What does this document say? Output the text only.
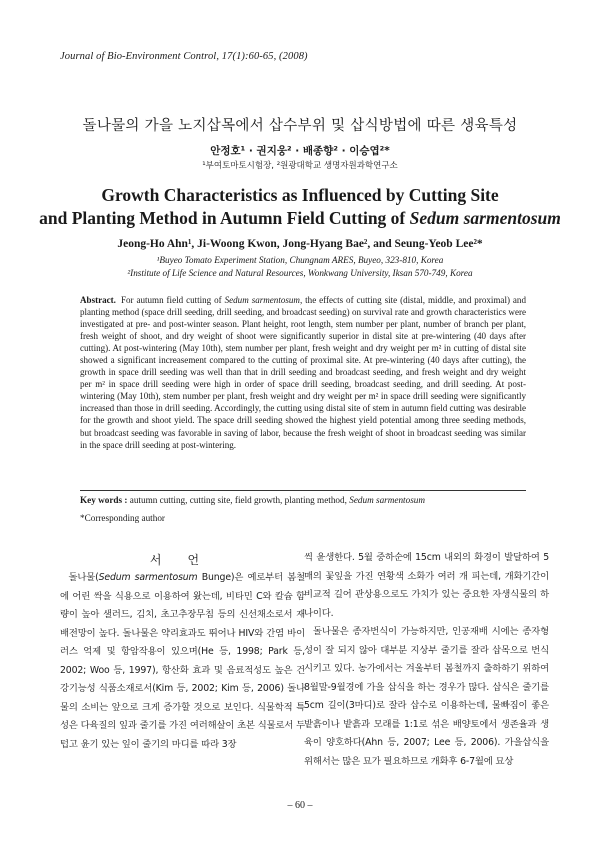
Journal of Bio-Environment Control, 17(1):60-65, (2008)
돌나물의 가을 노지삽목에서 삽수부위 및 삽식방법에 따른 생육특성
안정호¹ · 권지웅² · 배종향² · 이승엽²*
¹부여토마토시험장, ²원광대학교 생명자원과학연구소
Growth Characteristics as Influenced by Cutting Site
and Planting Method in Autumn Field Cutting of Sedum sarmentosum
Jeong-Ho Ahn¹, Ji-Woong Kwon, Jong-Hyang Bae², and Seung-Yeob Lee²*
¹Buyeo Tomato Experiment Station, Chungnam ARES, Buyeo, 323-810, Korea
²Institute of Life Science and Natural Resources, Wonkwang University, Iksan 570-749, Korea
Abstract. For autumn field cutting of Sedum sarmentosum, the effects of cutting site (distal, middle, and proximal) and planting method (space drill seeding, drill seeding, and broadcast seeding) on survival rate and growth characteristics were investigated at pre- and post-winter season. Plant height, root length, stem number per plant, number of branch per plant, fresh weight of shoot, and dry weight of shoot were significantly superior in distal site at pre-wintering (40 days after cutting). At post-wintering (May 10th), stem number per plant, fresh weight and dry weight per m² in cutting of distal site showed a significant increasement compared to the cutting of proximal site. At pre-wintering (40 days after cutting), the growth in space drill seeding was well than that in drill seeding and broadcast seeding, and fresh weight and dry weight per m² in space drill seeding were high in order of space drill seeding, broadcast seeding, and drill seeding. At post-wintering (May 10th), stem number per plant, fresh weight and dry weight per m² in space drill seeding were significantly increased than those in drill seeding. Accordingly, the cutting using distal site of stem in autumn field cutting was desirable for the growth and shoot yield. The space drill seeding showed the highest yield potential among three seeding methods, but broadcast seeding was favorable in saving of labor, because the fresh weight of shoot in broadcast seeding was similar in the space drill seeding at post-wintering.
Key words : autumn cutting, cutting site, field growth, planting method, Sedum sarmentosum
*Corresponding author
서언
돌나물(Sedum sarmentosum Bunge)은 예로부터 봄철에 어린 싹을 식용으로 이용하여 왔는데, 비타민 C와 칼슘 함량이 높아 샐러드, 김치, 초고추장무침 등의 신선채소로서 재배전망이 높다. 돌나물은 약리효과도 뛰어나 HIV와 간염 바이러스 억제 및 항암작용이 있으며(He 등, 1998; Park 등, 2002; Woo 등, 1997), 항산화 효과 및 음료적성도 높은 건강기능성 식품소재로서(Kim 등, 2002; Kim 등, 2006) 돌나물의 소비는 앞으로 크게 증가할 것으로 보인다. 식물학적 특성은 다육질의 잎과 줄기를 가진 여러해살이 초본 식물로서 두텁고 윤기 있는 잎이 줄기의 마디를 따라 3장
씩 윤생한다. 5월 중하순에 15cm 내외의 화경이 발달하여 5매의 꽃잎을 가진 연황색 소화가 여러 개 피는데, 개화기간이 비교적 길어 관상용으로도 가치가 있는 중요한 자생식물의 하나이다.
돌나물은 종자번식이 가능하지만, 인공재배 시에는 종자형성이 잘 되지 않아 대부분 지상부 줄기를 잘라 삽목으로 번식시키고 있다. 농가에서는 겨울부터 봄철까지 출하하기 위하여 8월말-9월경에 가을 삽식을 하는 경우가 많다. 삽식은 줄기를 5cm 길이(3마디)로 잘라 삽수로 이용하는데, 물빠짐이 좋은 밭흙이나 밭흙과 모래를 1:1로 섞은 배양토에서 생존율과 생육이 양호하다(Ahn 등, 2007; Lee 등, 2006). 가을삽식을 위해서는 많은 묘가 필요하므로 개화후 6-7월에 묘상
– 60 –
